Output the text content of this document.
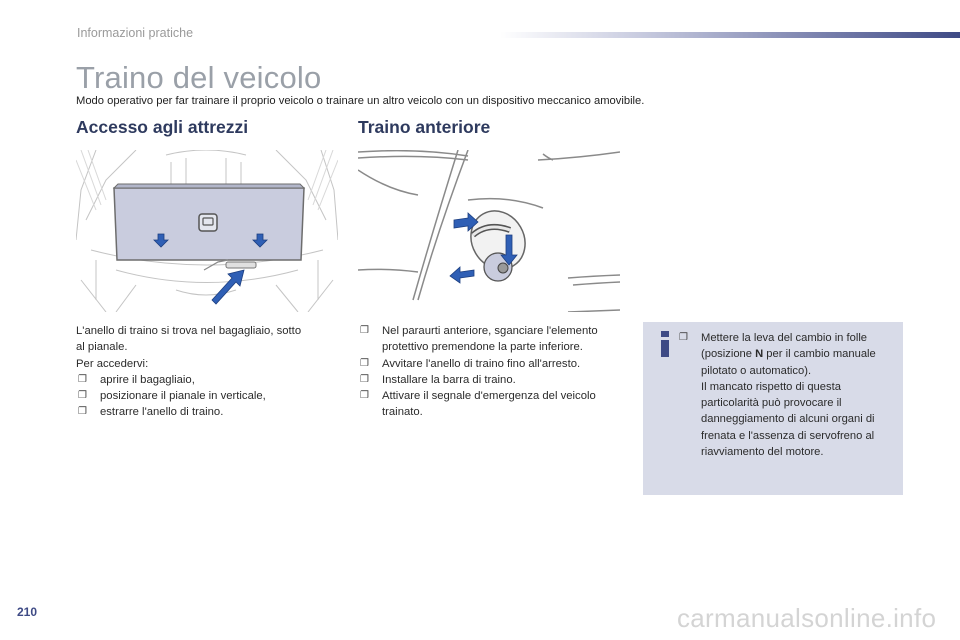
Informazioni pratiche
Traino del veicolo
Modo operativo per far trainare il proprio veicolo o trainare un altro veicolo con un dispositivo meccanico amovibile.
Accesso agli attrezzi

L'anello di traino si trova nel bagagliaio, sotto

al pianale.

Per accedervi:

❐ aprire il bagagliaio,
❐ posizionare il pianale in verticale,
❐ estrarre l'anello di traino.
Traino anteriore
❐ Nel paraurti anteriore, sganciare l'elemento protettivo premendone la parte inferiore.
❐ Avvitare l'anello di traino fino all'arresto.
❐ Installare la barra di traino.
❐ Attivare il segnale d'emergenza del veicolo trainato.
❐ Mettere la leva del cambio in folle (posizione N per il cambio manuale pilotato o automatico).
Il mancato rispetto di questa particolarità può provocare il danneggiamento di alcuni organi di frenata e l'assenza di servofreno al riavviamento del motore.
210	carmanualsonline.info
